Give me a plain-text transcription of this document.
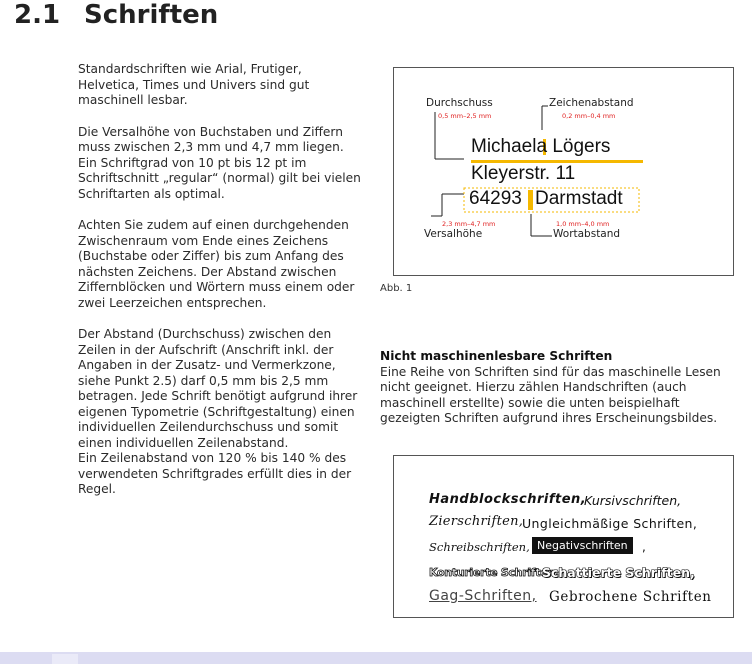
2.1 Schriften

Standardschriften wie Arial, Frutiger, Helvetica, Times und Univers sind gut maschinell lesbar.

Die Versalhöhe von Buchstaben und Ziffern muss zwischen 2,3 mm und 4,7 mm liegen. Ein Schriftgrad von 10 pt bis 12 pt im Schriftschnitt „regular“ (normal) gilt bei vielen Schriftarten als optimal.

Achten Sie zudem auf einen durchgehenden Zwischenraum vom Ende eines Zeichens (Buchstabe oder Ziffer) bis zum Anfang des nächsten Zeichens. Der Abstand zwischen Ziffernblöcken und Wörtern muss einem oder zwei Leerzeichen entsprechen.

Der Abstand (Durchschuss) zwischen den Zeilen in der Aufschrift (Anschrift inkl. der Angaben in der Zusatz- und Vermerkzone, siehe Punkt 2.5) darf 0,5 mm bis 2,5 mm betragen. Jede Schrift benötigt aufgrund ihrer eigenen Typometrie (Schriftgestaltung) einen individuellen Zeilendurchschuss und somit einen individuellen Zeilenabstand.

Ein Zeilenabstand von 120 % bis 140 % des verwendeten Schriftgrades erfüllt dies in der Regel.

Durchschuss
0,5 mm–2,5 mm
Zeichenabstand
0,2 mm–0,4 mm
Michaela Lögers
Kleyerstr. 11
64293 Darmstadt
2,3 mm–4,7 mm
Versalhöhe
1,0 mm–4,0 mm
Wortabstand
Abb. 1
Nicht maschinenlesbare Schriften
Eine Reihe von Schriften sind für das maschinelle Lesen nicht geeignet. Hierzu zählen Handschriften (auch maschinell erstellte) sowie die unten beispielhaft gezeigten Schriften aufgrund ihres Erscheinungsbildes.
Handblockschriften,
Kursivschriften,
Zierschriften,
Ungleichmäßige Schriften,
Schreibschriften, Negativschriften	,
Konturierte Schriften,
Schattierte Schriften,
Gag-Schriften, Gebrochene Schriften
